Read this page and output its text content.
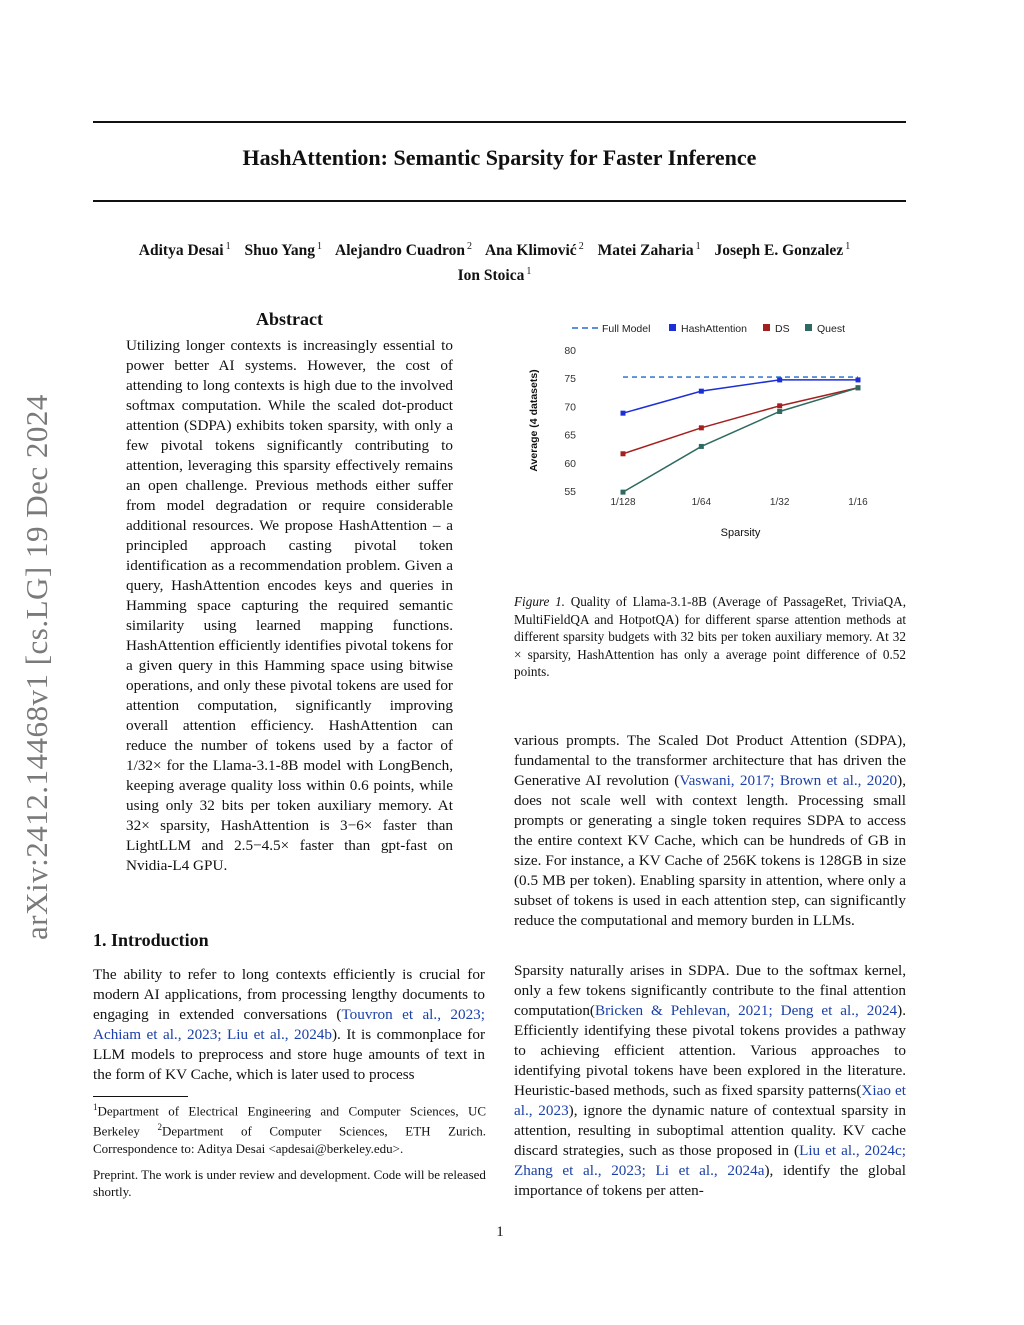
HashAttention: Semantic Sparsity for Faster Inference
Aditya Desai $^1$ Shuo Yang $^1$ Alejandro Cuadron $^2$ Ana Klimović $^2$ Matei Zaharia $^1$ Joseph E. Gonzalez $^1$
Ion Stoica $^1$
arXiv:2412.14468v1 [cs.LG] 19 Dec 2024
Abstract
Utilizing longer contexts is increasingly essential to power better AI systems. However, the cost of attending to long contexts is high due to the involved softmax computation. While the scaled dot-product attention (SDPA) exhibits token sparsity, with only a few pivotal tokens significantly contributing to attention, leveraging this sparsity effectively remains an open challenge. Previous methods either suffer from model degradation or require considerable additional resources. We propose HashAttention – a principled approach casting pivotal token identification as a recommendation problem. Given a query, HashAttention encodes keys and queries in Hamming space capturing the required semantic similarity using learned mapping functions. HashAttention efficiently identifies pivotal tokens for a given query in this Hamming space using bitwise operations, and only these pivotal tokens are used for attention computation, significantly improving overall attention efficiency. HashAttention can reduce the number of tokens used by a factor of 1/32× for the Llama-3.1-8B model with LongBench, keeping average quality loss within 0.6 points, while using only 32 bits per token auxiliary memory. At 32× sparsity, HashAttention is 3−6× faster than LightLLM and 2.5−4.5× faster than gpt-fast on Nvidia-L4 GPU.
1. Introduction
The ability to refer to long contexts efficiently is crucial for modern AI applications, from processing lengthy documents to engaging in extended conversations (Touvron et al., 2023; Achiam et al., 2023; Liu et al., 2024b). It is commonplace for LLM models to preprocess and store huge amounts of text in the form of KV Cache, which is later used to process
$^1$Department of Electrical Engineering and Computer Sciences, UC Berkeley $^2$Department of Computer Sciences, ETH Zurich. Correspondence to: Aditya Desai <apdesai@berkeley.edu>.
Preprint. The work is under review and development. Code will be released shortly.
55
60
65
70
75
80
1/128	1/64	1/32	1/16
Sparsity
Average (4 datasets)
Full Model	HashAttention	DS	Quest
Figure 1. Quality of Llama-3.1-8B (Average of PassageRet, TriviaQA, MultiFieldQA and HotpotQA) for different sparse attention methods at different sparsity budgets with 32 bits per token auxiliary memory. At 32 × sparsity, HashAttention has only a average point difference of 0.52 points.
various prompts. The Scaled Dot Product Attention (SDPA), fundamental to the transformer architecture that has driven the Generative AI revolution (Vaswani, 2017; Brown et al., 2020), does not scale well with context length. Processing small prompts or generating a single token requires SDPA to access the entire context KV Cache, which can be hundreds of GB in size. For instance, a KV Cache of 256K tokens is 128GB in size (0.5 MB per token). Enabling sparsity in attention, where only a subset of tokens is used in each attention step, can significantly reduce the computational and memory burden in LLMs.
Sparsity naturally arises in SDPA. Due to the softmax kernel, only a few tokens significantly contribute to the final attention computation(Bricken & Pehlevan, 2021; Deng et al., 2024). Efficiently identifying these pivotal tokens provides a pathway to achieving efficient attention. Various approaches to identifying pivotal tokens have been explored in the literature. Heuristic-based methods, such as fixed sparsity patterns(Xiao et al., 2023), ignore the dynamic nature of contextual sparsity in attention, resulting in suboptimal attention quality. KV cache discard strategies, such as those proposed in (Liu et al., 2024c; Zhang et al., 2023; Li et al., 2024a), identify the global importance of tokens per atten-
1
